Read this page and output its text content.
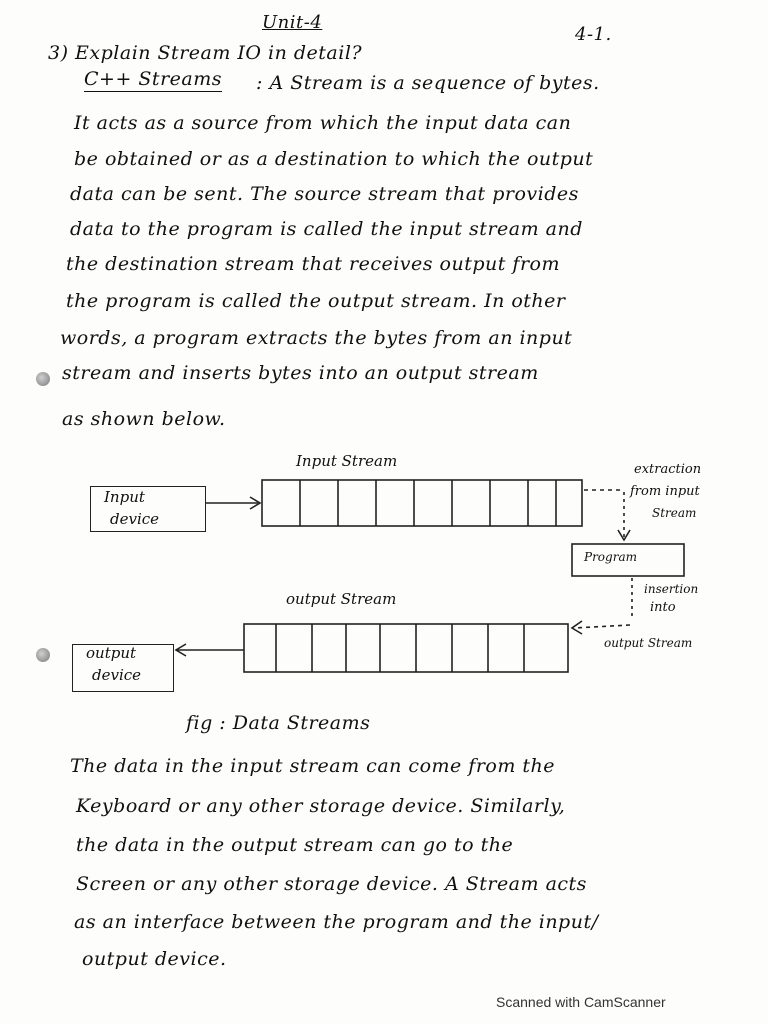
Unit-4
4-1.
3) Explain Stream IO in detail?
C++ Streams : A Stream is a sequence of bytes.
It acts as a source from which the input data can
be obtained or as a destination to which the output
data can be sent. The source stream that provides
data to the program is called the input stream and
the destination stream that receives output from
the program is called the output stream. In other
words, a program extracts the bytes from an input
stream and inserts bytes into an output stream
as shown below.
Input Stream
Input
device
extraction
from input
Stream
Program
insertion
into
output Stream
output Stream
output
device
fig : Data Streams
The data in the input stream can come from the
Keyboard or any other storage device. Similarly,
the data in the output stream can go to the
Screen or any other storage device. A Stream acts
as an interface between the program and the input/
output device.
Scanned with CamScanner
